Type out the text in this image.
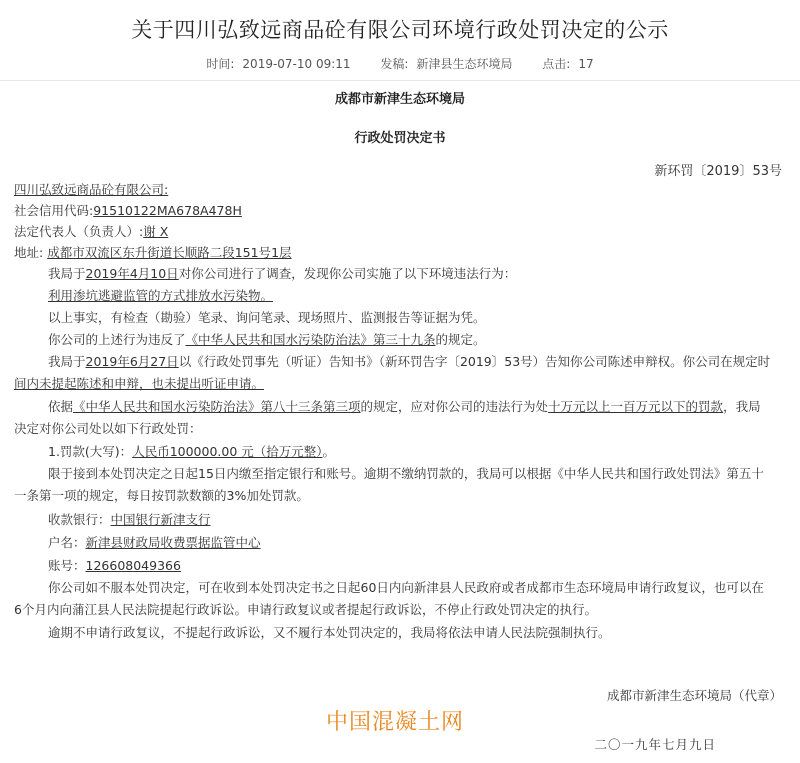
关于四川弘致远商品砼有限公司环境行政处罚决定的公示
时间: 2019-07-10 09:11 发稿: 新津县生态环境局 点击: 17
成都市新津生态环境局
行政处罚决定书
新环罚〔2019〕53号
四川弘致远商品砼有限公司:
社会信用代码:91510122MA678A478H
法定代表人（负责人）:谢 X
地址: 成都市双流区东升街道长顺路二段151号1层
我局于2019年4月10日对你公司进行了调查，发现你公司实施了以下环境违法行为：
利用渗坑逃避监管的方式排放水污染物。
以上事实，有检查（勘验）笔录、询问笔录、现场照片、监测报告等证据为凭。
你公司的上述行为违反了《中华人民共和国水污染防治法》第三十九条的规定。
我局于2019年6月27日以《行政处罚事先（听证）告知书》（新环罚告字〔2019〕53号）告知你公司陈述申辩权。你公司在规定时
间内未提起陈述和申辩，也未提出听证申请。
依据《中华人民共和国水污染防治法》第八十三条第三项的规定，应对你公司的违法行为处十万元以上一百万元以下的罚款，我局
决定对你公司处以如下行政处罚：
1.罚款(大写)：人民币100000.00 元（拾万元整）。
限于接到本处罚决定之日起15日内缴至指定银行和账号。逾期不缴纳罚款的，我局可以根据《中华人民共和国行政处罚法》第五十
一条第一项的规定，每日按罚款数额的3%加处罚款。
收款银行：中国银行新津支行
户名：新津县财政局收费票据监管中心
账号：126608049366
你公司如不服本处罚决定，可在收到本处罚决定书之日起60日内向新津县人民政府或者成都市生态环境局申请行政复议，也可以在
6个月内向蒲江县人民法院提起行政诉讼。申请行政复议或者提起行政诉讼，不停止行政处罚决定的执行。
逾期不申请行政复议，不提起行政诉讼，又不履行本处罚决定的，我局将依法申请人民法院强制执行。
成都市新津生态环境局（代章）
中国混凝土网
二〇一九年七月九日
